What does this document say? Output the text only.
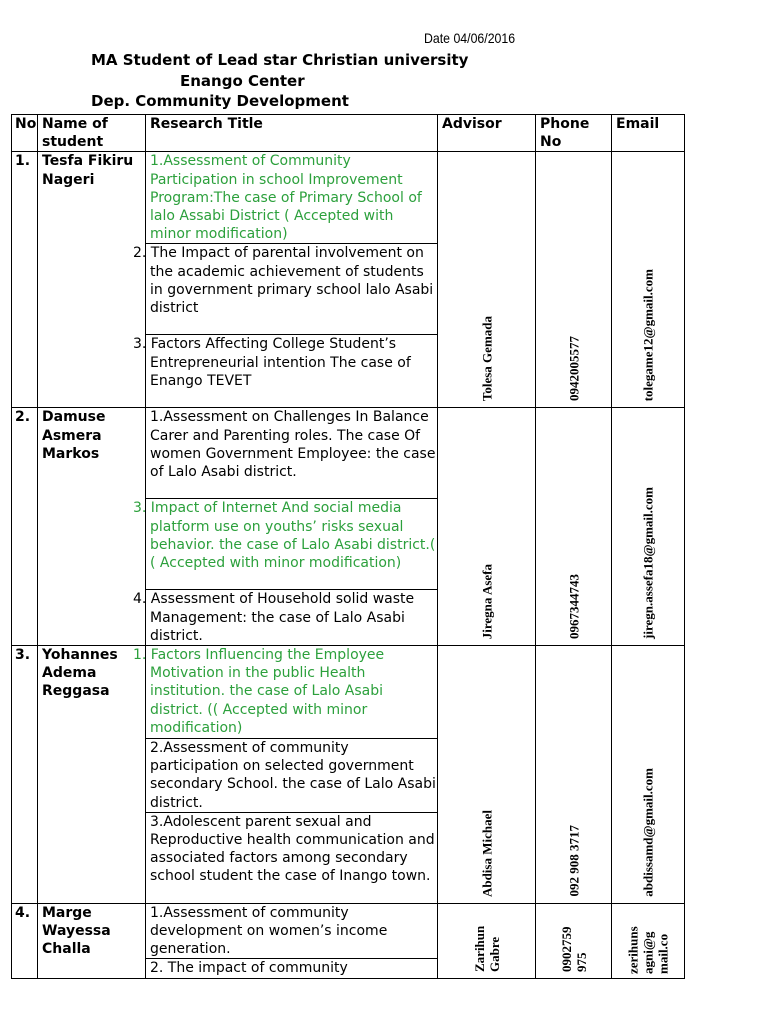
Date 04/06/2016
MA Student of Lead star Christian university
Enango Center
Dep. Community Development
No	Name of student	Research Title	Advisor	Phone No	Email
1.	Tesfa Fikiru Nageri	1.Assessment of Community Participation in school Improvement Program:The case of Primary School of lalo Assabi District ( Accepted with minor modification)	Tolesa Gemada	0942005577	tolegame12@gmail.com

		2. The Impact of parental involvement on the academic achievement of students in government primary school lalo Asabi district			
		3. Factors Affecting College Student’s Entrepreneurial intention The case of Enango TEVET			
2.	Damuse Asmera Markos	1.Assessment on Challenges In Balance Carer and Parenting roles. The case Of women Government Employee: the case of Lalo Asabi district.	Jiregna Asefa	0967344743	jiregn.assefa18@gmail.com

		3. Impact of Internet And social media platform use on youths’ risks sexual behavior. the case of Lalo Asabi district.( ( Accepted with minor modification)			
		4. Assessment of Household solid waste Management: the case of Lalo Asabi district.			
3.	Yohannes Adema Reggasa	1. Factors Influencing the Employee Motivation in the public Health institution. the case of Lalo Asabi district. (( Accepted with minor modification)	Abdisa Michael	092 908 3717	abdissamd@gmail.com

		2.Assessment of community participation on selected government secondary School. the case of Lalo Asabi district.			
		3.Adolescent parent sexual and Reproductive health communication and associated factors among secondary school student the case of Inango town.			
4.	Marge Wayessa Challa	1.Assessment of community development on women’s income generation.	Zarihun Gabre	0902759 975	zerihuns agni@g mail.co

		2. The impact of community			
